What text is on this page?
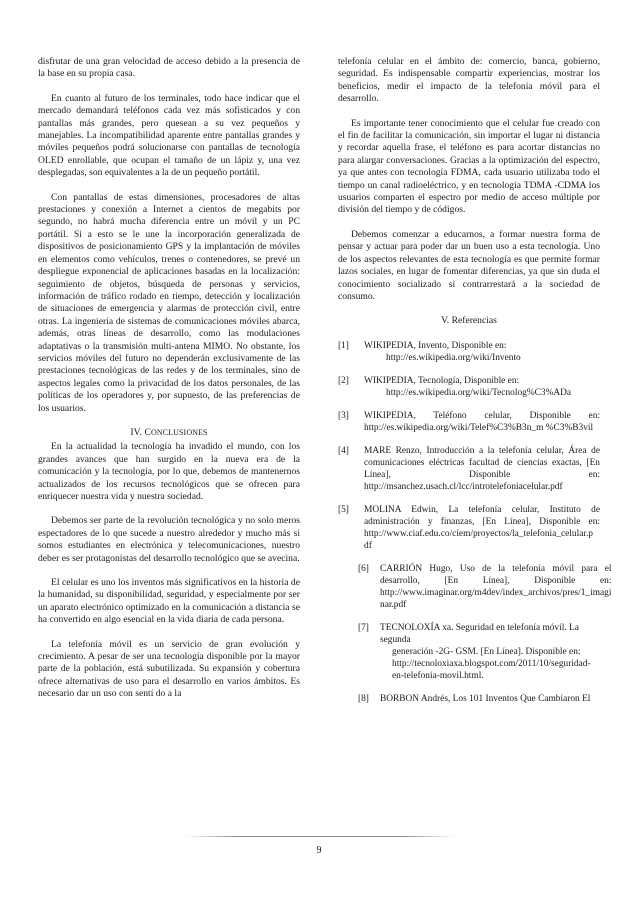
disfrutar de una gran velocidad de acceso debido a la presencia de la base en su propia casa.

En cuanto al futuro de los terminales, todo hace indicar que el mercado demandará teléfonos cada vez más sofisticados y con pantallas más grandes, pero quesean a su vez pequeños y manejables. La incompatibilidad aparente entre pantallas grandes y móviles pequeños podrá solucionarse con pantallas de tecnología OLED enrollable, que ocupan el tamaño de un lápiz y, una vez desplegadas, son equivalentes a la de un pequeño portátil.

Con pantallas de estas dimensiones, procesadores de altas prestaciones y conexión a Internet a cientos de megabits por segundo, no habrá mucha diferencia entre un móvil y un PC portátil. Si a esto se le une la incorporación generalizada de dispositivos de posicionamiento GPS y la implantación de móviles en elementos como vehículos, trenes o contenedores, se prevé un despliegue exponencial de aplicaciones basadas en la localización: seguimiento de objetos, búsqueda de personas y servicios, información de tráfico rodado en tiempo, detección y localización de situaciones de emergencia y alarmas de protección civil, entre otras. La ingeniería de sistemas de comunicaciones móviles abarca, además, otras líneas de desarrollo, como las modulaciones adaptativas o la transmisión multi-antena MIMO. No obstante, los servicios móviles del futuro no dependerán exclusivamente de las prestaciones tecnológicas de las redes y de los terminales, sino de aspectos legales como la privacidad de los datos personales, de las políticas de los operadores y, por supuesto, de las preferencias de los usuarios.

IV. CONCLUSIONES

En la actualidad la tecnología ha invadido el mundo, con los grandes avances que han surgido en la nueva era de la comunicación y la tecnología, por lo que, debemos de mantenernos actualizados de los recursos tecnológicos que se ofrecen para enriquecer nuestra vida y nuestra sociedad.

Debemos ser parte de la revolución tecnológica y no solo meros espectadores de lo que sucede a nuestro alrededor y mucho más si somos estudiantes en electrónica y telecomunicaciones, nuestro deber es ser protagonistas del desarrollo tecnológico que se avecina.

El celular es uno los inventos más significativos en la historia de la humanidad, su disponibilidad, seguridad, y especialmente por ser un aparato electrónico optimizado en la comunicación a distancia se ha convertido en algo esencial en la vida diaria de cada persona.

La telefonía móvil es un servicio de gran evolución y crecimiento. A pesar de ser una tecnología disponible por la mayor parte de la población, está subutilizada. Su expansión y cobertura ofrece alternativas de uso para el desarrollo en varios ámbitos. Es necesario dar un uso con sentí do a la

telefonía celular en el ámbito de: comercio, banca, gobierno, seguridad. Es indispensable compartir experiencias, mostrar los beneficios, medir el impacto de la telefonía móvil para el desarrollo.

Es importante tener conocimiento que el celular fue creado con el fin de facilitar la comunicación, sin importar el lugar ni distancia y recordar aquella frase, el teléfono es para acortar distancias no para alargar conversaciones. Gracias a la optimización del espectro, ya que antes con tecnología FDMA, cada usuario utilizaba todo el tiempo un canal radioeléctrico, y en tecnología TDMA -CDMA los usuarios comparten el espectro por medio de acceso múltiple por división del tiempo y de códigos.

Debemos comenzar a educarnos, a formar nuestra forma de pensar y actuar para poder dar un buen uso a esta tecnología. Uno de los aspectos relevantes de esta tecnología es que permite formar lazos sociales, en lugar de fomentar diferencias, ya que sin duda el conocimiento socializado si contrarrestará a la sociedad de consumo.

V. Referencias

[1]	WIKIPEDIA, Invento, Disponible en:
http://es.wikipedia.org/wiki/Invento
[2]	WIKIPEDIA, Tecnología, Disponible en:
http://es.wikipedia.org/wiki/Tecnolog%C3%ADa
[3]	WIKIPEDIA, Teléfono celular, Disponible en: http://es.wikipedia.org/wiki/Telef%C3%B3n_m %C3%B3vil
[4]	MARE Renzo, Introducción a la telefonía celular, Área de comunicaciones eléctricas facultad de ciencias exactas, [En Línea], Disponible en: http://msanchez.usach.cl/lcc/introtelefoniacelular.pdf
[5]	MOLINA Edwin, La telefonía celular, Instituto de administración y finanzas, [En Línea], Disponible en: http://www.ciaf.edu.co/ciem/proyectos/la_telefonia_celular.p df
[6]	CARRIÓN Hugo, Uso de la telefonía móvil para el desarrollo, [En Línea], Disponible en: http://www.imaginar.org/m4dev/index_archivos/pres/1_imagi nar.pdf
[7]	TECNOLOXÍA xa. Seguridad en telefonía móvil. La segunda
generación -2G- GSM. [En Línea]. Disponible en: http://tecnoloxiaxa.blogspot.com/2011/10/seguridad-en-telefonia-movil.html.
[8]	BORBON Andrés, Los 101 Inventos Que Cambiaron El
9
